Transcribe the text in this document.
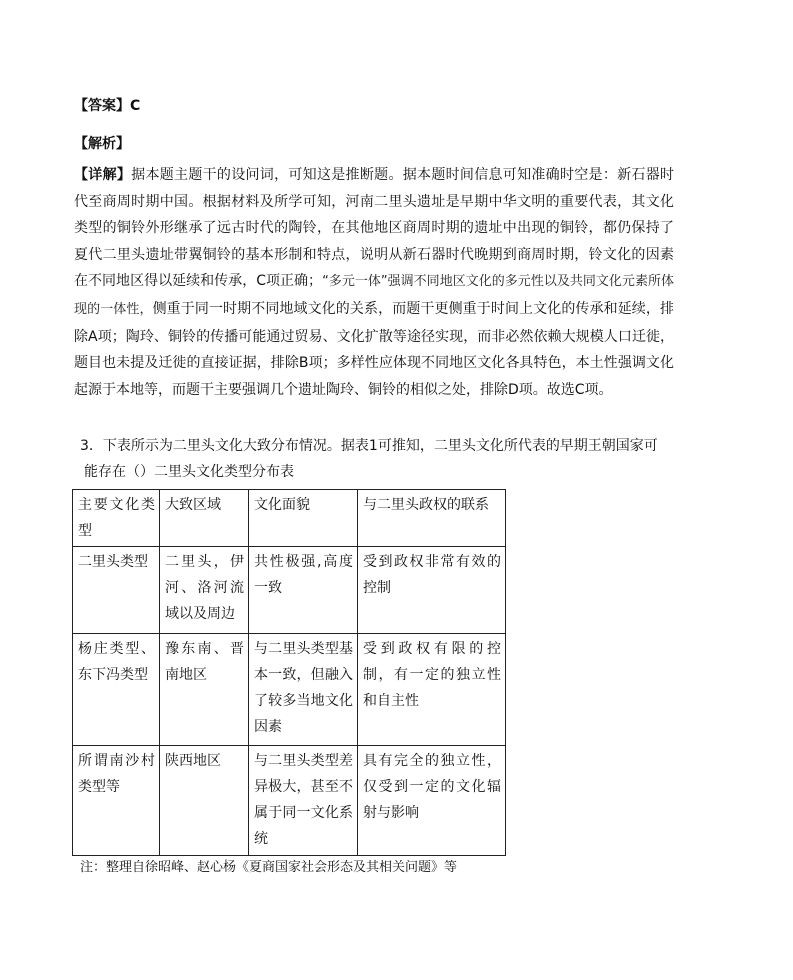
【答案】C
【解析】
【详解】据本题主题干的设问词，可知这是推断题。据本题时间信息可知准确时空是：新石器时代至商周时期中国。根据材料及所学可知，河南二里头遗址是早期中华文明的重要代表，其文化类型的铜铃外形继承了远古时代的陶铃，在其他地区商周时期的遗址中出现的铜铃，都仍保持了夏代二里头遗址带翼铜铃的基本形制和特点，说明从新石器时代晚期到商周时期，铃文化的因素在不同地区得以延续和传承，C项正确；“多元一体”强调不同地区文化的多元性以及共同文化元素所体现的一体性，侧重于同一时期不同地域文化的关系，而题干更侧重于时间上文化的传承和延续，排除A项；陶玲、铜铃的传播可能通过贸易、文化扩散等途径实现，而非必然依赖大规模人口迁徙，题目也未提及迁徙的直接证据，排除B项；多样性应体现不同地区文化各具特色，本土性强调文化起源于本地等，而题干主要强调几个遗址陶玲、铜铃的相似之处，排除D项。故选C项。
3．下表所示为二里头文化大致分布情况。据表1可推知，二里头文化所代表的早期王朝国家可
能存在（）二里头文化类型分布表
主要文化类型	大致区域	文化面貌	与二里头政权的联系
二里头类型	二里头，伊河、洛河流域以及周边	共性极强,高度一致	受到政权非常有效的控制
杨庄类型、东下冯类型	豫东南、晋南地区	与二里头类型基本一致，但融入了较多当地文化因素	受到政权有限的控制，有一定的独立性和自主性
所谓南沙村类型等	陕西地区	与二里头类型差异极大，甚至不属于同一文化系统	具有完全的独立性，仅受到一定的文化辐射与影响
注：整理自徐昭峰、赵心杨《夏商国家社会形态及其相关问题》等
